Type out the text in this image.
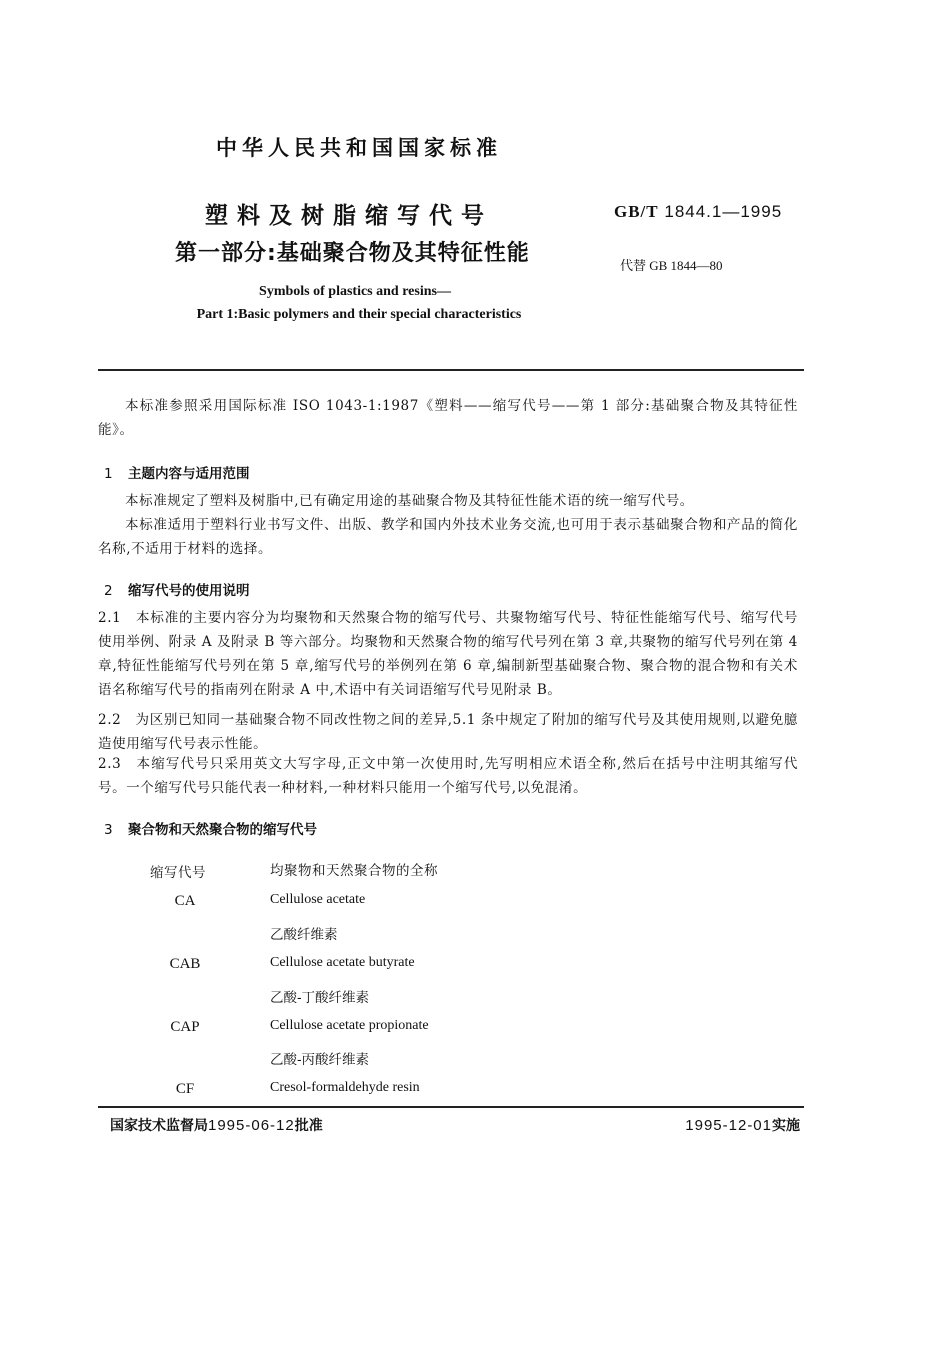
中华人民共和国国家标准
塑料及树脂缩写代号
第一部分:基础聚合物及其特征性能
GB/T 1844.1—1995
代替 GB 1844—80
Symbols of plastics and resins—
Part 1:Basic polymers and their special characteristics
本标准参照采用国际标准 ISO 1043-1:1987《塑料——缩写代号——第 1 部分:基础聚合物及其特征性能》。
1 主题内容与适用范围
本标准规定了塑料及树脂中,已有确定用途的基础聚合物及其特征性能术语的统一缩写代号。
本标准适用于塑料行业书写文件、出版、教学和国内外技术业务交流,也可用于表示基础聚合物和产品的简化名称,不适用于材料的选择。
2 缩写代号的使用说明
2.1　本标准的主要内容分为均聚物和天然聚合物的缩写代号、共聚物缩写代号、特征性能缩写代号、缩写代号使用举例、附录 A 及附录 B 等六部分。均聚物和天然聚合物的缩写代号列在第 3 章,共聚物的缩写代号列在第 4 章,特征性能缩写代号列在第 5 章,缩写代号的举例列在第 6 章,编制新型基础聚合物、聚合物的混合物和有关术语名称缩写代号的指南列在附录 A 中,术语中有关词语缩写代号见附录 B。
2.2　为区别已知同一基础聚合物不同改性物之间的差异,5.1 条中规定了附加的缩写代号及其使用规则,以避免臆造使用缩写代号表示性能。
2.3　本缩写代号只采用英文大写字母,正文中第一次使用时,先写明相应术语全称,然后在括号中注明其缩写代号。一个缩写代号只能代表一种材料,一种材料只能用一个缩写代号,以免混淆。
3 聚合物和天然聚合物的缩写代号
缩写代号	均聚物和天然聚合物的全称
CA	Cellulose acetate
乙酸纤维素
CAB	Cellulose acetate butyrate
乙酸-丁酸纤维素
CAP	Cellulose acetate propionate
乙酸-丙酸纤维素
CF	Cresol-formaldehyde resin
国家技术监督局1995-06-12批准	1995-12-01实施
